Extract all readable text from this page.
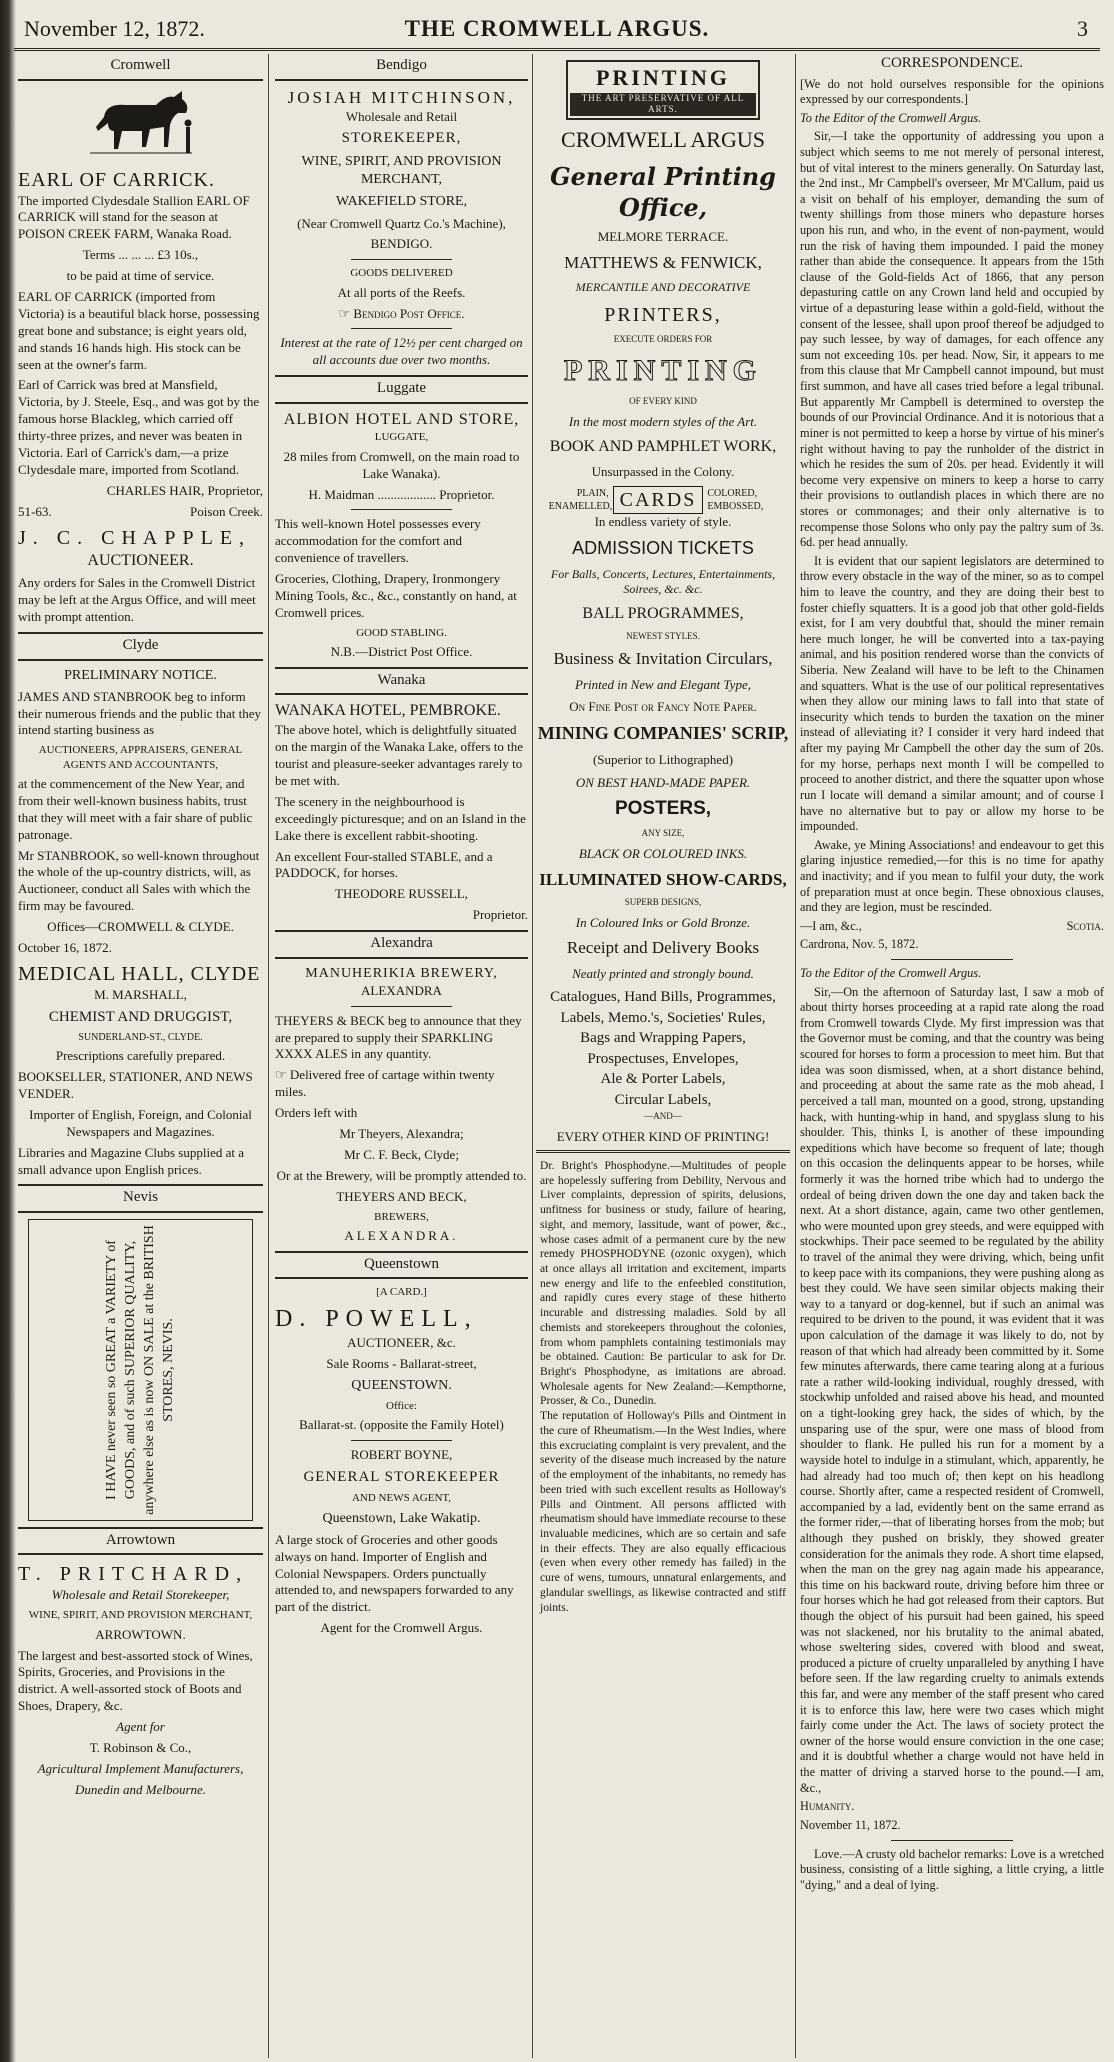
November 12, 1872.	THE CROMWELL ARGUS.	3
Cromwell
EARL OF CARRICK.

The imported Clydesdale Stallion EARL OF CARRICK will stand for the season at POISON CREEK FARM, Wanaka Road.

Terms ... ... ... £3 10s.,

to be paid at time of service.

EARL OF CARRICK (imported from Victoria) is a beautiful black horse, possessing great bone and substance; is eight years old, and stands 16 hands high. His stock can be seen at the owner's farm.

Earl of Carrick was bred at Mansfield, Victoria, by J. Steele, Esq., and was got by the famous horse Blackleg, which carried off thirty-three prizes, and never was beaten in Victoria. Earl of Carrick's dam,—a prize Clydesdale mare, imported from Scotland.

CHARLES HAIR, Proprietor,

51-63.	Poison Creek.

J. C. CHAPPLE,

AUCTIONEER.

Any orders for Sales in the Cromwell District may be left at the Argus Office, and will meet with prompt attention.

Clyde

PRELIMINARY NOTICE.

JAMES AND STANBROOK beg to inform their numerous friends and the public that they intend starting business as

AUCTIONEERS, APPRAISERS, GENERAL AGENTS AND ACCOUNTANTS,

at the commencement of the New Year, and from their well-known business habits, trust that they will meet with a fair share of public patronage.

Mr STANBROOK, so well-known throughout the whole of the up-country districts, will, as Auctioneer, conduct all Sales with which the firm may be favoured.

Offices—CROMWELL & CLYDE.

October 16, 1872.

MEDICAL HALL, CLYDE

M. MARSHALL,

CHEMIST AND DRUGGIST,

SUNDERLAND-ST., CLYDE.

Prescriptions carefully prepared.

BOOKSELLER, STATIONER, AND NEWS VENDER.

Importer of English, Foreign, and Colonial Newspapers and Magazines.

Libraries and Magazine Clubs supplied at a small advance upon English prices.

Nevis
I HAVE never seen so GREAT a VARIETY of GOODS, and of such SUPERIOR QUALITY, anywhere else as is now ON SALE at the BRITISH STORES, NEVIS.
Arrowtown
T. PRITCHARD,

Wholesale and Retail Storekeeper,

WINE, SPIRIT, AND PROVISION MERCHANT,

ARROWTOWN.

The largest and best-assorted stock of Wines, Spirits, Groceries, and Provisions in the district. A well-assorted stock of Boots and Shoes, Drapery, &c.

Agent for

T. Robinson & Co.,

Agricultural Implement Manufacturers,

Dunedin and Melbourne.

Bendigo
JOSIAH MITCHINSON,

Wholesale and Retail

STOREKEEPER,

WINE, SPIRIT, AND PROVISION MERCHANT,

WAKEFIELD STORE,

(Near Cromwell Quartz Co.'s Machine),

BENDIGO.

GOODS DELIVERED

At all ports of the Reefs.

☞ Bendigo Post Office.

Interest at the rate of 12½ per cent charged on all accounts due over two months.

Luggate
ALBION HOTEL AND STORE,

LUGGATE,

28 miles from Cromwell, on the main road to Lake Wanaka).

H. Maidman .................. Proprietor.

This well-known Hotel possesses every accommodation for the comfort and convenience of travellers.

Groceries, Clothing, Drapery, Ironmongery Mining Tools, &c., &c., constantly on hand, at Cromwell prices.

GOOD STABLING.

N.B.—District Post Office.

Wanaka
WANAKA HOTEL, PEMBROKE.

The above hotel, which is delightfully situated on the margin of the Wanaka Lake, offers to the tourist and pleasure-seeker advantages rarely to be met with.

The scenery in the neighbourhood is exceedingly picturesque; and on an Island in the Lake there is excellent rabbit-shooting.

An excellent Four-stalled STABLE, and a PADDOCK, for horses.

THEODORE RUSSELL,

Proprietor.

Alexandra
MANUHERIKIA BREWERY,

ALEXANDRA

THEYERS & BECK beg to announce that they are prepared to supply their SPARKLING XXXX ALES in any quantity.

☞ Delivered free of cartage within twenty miles.

Orders left with

Mr Theyers, Alexandra;

Mr C. F. Beck, Clyde;

Or at the Brewery, will be promptly attended to.

THEYERS AND BECK,

BREWERS,

ALEXANDRA.

Queenstown

[A CARD.]

D. POWELL,

AUCTIONEER, &c.

Sale Rooms - Ballarat-street,

QUEENSTOWN.

Office:

Ballarat-st. (opposite the Family Hotel)

ROBERT BOYNE,

GENERAL STOREKEEPER

AND NEWS AGENT,

Queenstown, Lake Wakatip.

A large stock of Groceries and other goods always on hand. Importer of English and Colonial Newspapers. Orders punctually attended to, and newspapers forwarded to any part of the district.

Agent for the Cromwell Argus.

PRINTING
THE ART PRESERVATIVE OF ALL ARTS.
CROMWELL ARGUS
General Printing Office,
MELMORE TERRACE.
MATTHEWS & FENWICK,
MERCANTILE AND DECORATIVE
PRINTERS,
EXECUTE ORDERS FOR
PRINTING
OF EVERY KIND
In the most modern styles of the Art.
BOOK AND PAMPHLET WORK,
Unsurpassed in the Colony.
PLAIN, ENAMELLED, CARDS	COLORED, EMBOSSED,
In endless variety of style.
ADMISSION TICKETS
For Balls, Concerts, Lectures, Entertainments, Soirees, &c. &c.
BALL PROGRAMMES,
NEWEST STYLES.
Business & Invitation Circulars,
Printed in New and Elegant Type,
On Fine Post or Fancy Note Paper.
MINING COMPANIES' SCRIP,
(Superior to Lithographed)
ON BEST HAND-MADE PAPER.
POSTERS,
ANY SIZE,
BLACK OR COLOURED INKS.
ILLUMINATED SHOW-CARDS,
SUPERB DESIGNS,
In Coloured Inks or Gold Bronze.
Receipt and Delivery Books
Neatly printed and strongly bound.
Catalogues, Hand Bills, Programmes,
Labels, Memo.'s, Societies' Rules,
Bags and Wrapping Papers,
Prospectuses, Envelopes,
Ale & Porter Labels,
Circular Labels,
—AND—
EVERY OTHER KIND OF PRINTING!

Dr. Bright's Phosphodyne.—Multitudes of people are hopelessly suffering from Debility, Nervous and Liver complaints, depression of spirits, delusions, unfitness for business or study, failure of hearing, sight, and memory, lassitude, want of power, &c., whose cases admit of a permanent cure by the new remedy PHOSPHODYNE (ozonic oxygen), which at once allays all irritation and excitement, imparts new energy and life to the enfeebled constitution, and rapidly cures every stage of these hitherto incurable and distressing maladies. Sold by all chemists and storekeepers throughout the colonies, from whom pamphlets containing testimonials may be obtained. Caution: Be particular to ask for Dr. Bright's Phosphodyne, as imitations are abroad. Wholesale agents for New Zealand:—Kempthorne, Prosser, & Co., Dunedin.

The reputation of Holloway's Pills and Ointment in the cure of Rheumatism.—In the West Indies, where this excruciating complaint is very prevalent, and the severity of the disease much increased by the nature of the employment of the inhabitants, no remedy has been tried with such excellent results as Holloway's Pills and Ointment. All persons afflicted with rheumatism should have immediate recourse to these invaluable medicines, which are so certain and safe in their effects. They are also equally efficacious (even when every other remedy has failed) in the cure of wens, tumours, unnatural enlargements, and glandular swellings, as likewise contracted and stiff joints.

CORRESPONDENCE.

[We do not hold ourselves responsible for the opinions expressed by our correspondents.]

To the Editor of the Cromwell Argus.

Sir,—I take the opportunity of addressing you upon a subject which seems to me not merely of personal interest, but of vital interest to the miners generally. On Saturday last, the 2nd inst., Mr Campbell's overseer, Mr M'Callum, paid us a visit on behalf of his employer, demanding the sum of twenty shillings from those miners who depasture horses upon his run, and who, in the event of non-payment, would run the risk of having them impounded. I paid the money rather than abide the consequence. It appears from the 15th clause of the Gold-fields Act of 1866, that any person depasturing cattle on any Crown land held and occupied by virtue of a depasturing lease within a gold-field, without the consent of the lessee, shall upon proof thereof be adjudged to pay such lessee, by way of damages, for each offence any sum not exceeding 10s. per head. Now, Sir, it appears to me from this clause that Mr Campbell cannot impound, but must first summon, and have all cases tried before a legal tribunal. But apparently Mr Campbell is determined to overstep the bounds of our Provincial Ordinance. And it is notorious that a miner is not permitted to keep a horse by virtue of his miner's right without having to pay the runholder of the district in which he resides the sum of 20s. per head. Evidently it will become very expensive on miners to keep a horse to carry their provisions to outlandish places in which there are no stores or commonages; and their only alternative is to recompense those Solons who only pay the paltry sum of 3s. 6d. per head annually.

It is evident that our sapient legislators are determined to throw every obstacle in the way of the miner, so as to compel him to leave the country, and they are doing their best to foster chiefly squatters. It is a good job that other gold-fields exist, for I am very doubtful that, should the miner remain here much longer, he will be converted into a tax-paying animal, and his position rendered worse than the convicts of Siberia. New Zealand will have to be left to the Chinamen and squatters. What is the use of our political representatives when they allow our mining laws to fall into that state of insecurity which tends to burden the taxation on the miner instead of alleviating it? I consider it very hard indeed that after my paying Mr Campbell the other day the sum of 20s. for my horse, perhaps next month I will be compelled to proceed to another district, and there the squatter upon whose run I locate will demand a similar amount; and of course I have no alternative but to pay or allow my horse to be impounded.

Awake, ye Mining Associations! and endeavour to get this glaring injustice remedied,—for this is no time for apathy and inactivity; and if you mean to fulfil your duty, the work of preparation must at once begin. These obnoxious clauses, and they are legion, must be rescinded.

—I am, &c.,	Scotia.

Cardrona, Nov. 5, 1872.

To the Editor of the Cromwell Argus.

Sir,—On the afternoon of Saturday last, I saw a mob of about thirty horses proceeding at a rapid rate along the road from Cromwell towards Clyde. My first impression was that the Governor must be coming, and that the country was being scoured for horses to form a procession to meet him. But that idea was soon dismissed, when, at a short distance behind, and proceeding at about the same rate as the mob ahead, I perceived a tall man, mounted on a good, strong, upstanding hack, with hunting-whip in hand, and spyglass slung to his shoulder. This, thinks I, is another of these impounding expeditions which have become so frequent of late; though on this occasion the delinquents appear to be horses, while formerly it was the horned tribe which had to undergo the ordeal of being driven down the one day and taken back the next. At a short distance, again, came two other gentlemen, who were mounted upon grey steeds, and were equipped with stockwhips. Their pace seemed to be regulated by the ability to travel of the animal they were driving, which, being unfit to keep pace with its companions, they were pushing along as best they could. We have seen similar objects making their way to a tanyard or dog-kennel, but if such an animal was required to be driven to the pound, it was evident that it was upon calculation of the damage it was likely to do, not by reason of that which had already been committed by it. Some few minutes afterwards, there came tearing along at a furious rate a rather wild-looking individual, roughly dressed, with stockwhip unfolded and raised above his head, and mounted on a tight-looking grey hack, the sides of which, by the unsparing use of the spur, were one mass of blood from shoulder to flank. He pulled his run for a moment by a wayside hotel to indulge in a stimulant, which, apparently, he had already had too much of; then kept on his headlong course. Shortly after, came a respected resident of Cromwell, accompanied by a lad, evidently bent on the same errand as the former rider,—that of liberating horses from the mob; but although they pushed on briskly, they showed greater consideration for the animals they rode. A short time elapsed, when the man on the grey nag again made his appearance, this time on his backward route, driving before him three or four horses which he had got released from their captors. But though the object of his pursuit had been gained, his speed was not slackened, nor his brutality to the animal abated, whose sweltering sides, covered with blood and sweat, produced a picture of cruelty unparalleled by anything I have before seen. If the law regarding cruelty to animals extends this far, and were any member of the staff present who cared it is to enforce this law, here were two cases which might fairly come under the Act. The laws of society protect the owner of the horse would ensure conviction in the one case; and it is doubtful whether a charge would not have held in the matter of driving a starved horse to the pound.—I am, &c.,

Humanity.

November 11, 1872.

Love.—A crusty old bachelor remarks: Love is a wretched business, consisting of a little sighing, a little crying, a little "dying," and a deal of lying.
